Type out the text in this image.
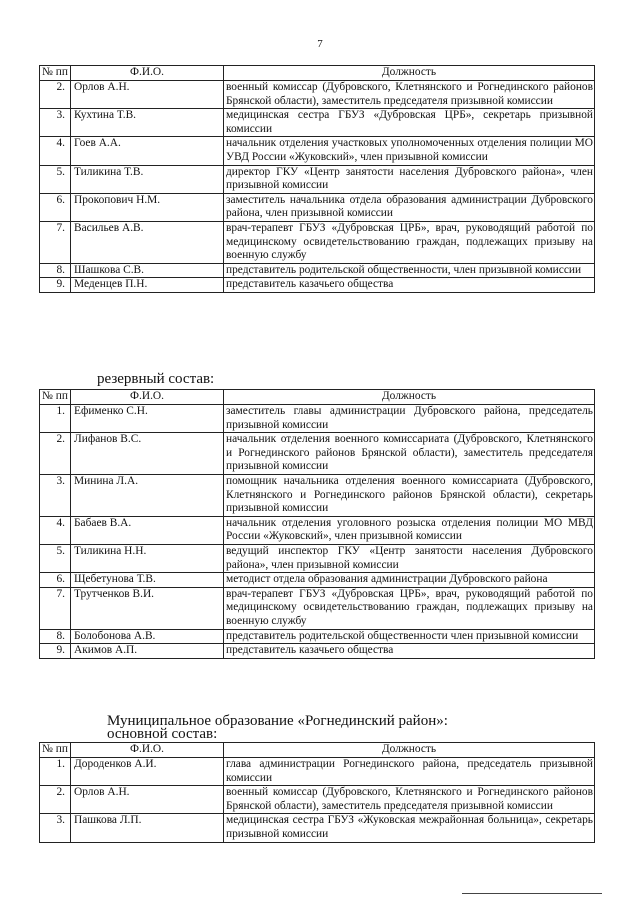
7
№ пп	Ф.И.О.	Должность
2.	Орлов А.Н.	военный комиссар (Дубровского, Клетнянского и Рогнединского районов Брянской области), заместитель председателя призывной комиссии
3.	Кухтина Т.В.	медицинская сестра ГБУЗ «Дубровская ЦРБ», секретарь призывной комиссии
4.	Гоев А.А.	начальник отделения участковых уполномоченных отделения полиции МО УВД России «Жуковский», член призывной комиссии
5.	Тиликина Т.В.	директор ГКУ «Центр занятости населения Дубровского района», член призывной комиссии
6.	Прокопович Н.М.	заместитель начальника отдела образования администрации Дубровского района, член призывной комиссии
7.	Васильев А.В.	врач-терапевт ГБУЗ «Дубровская ЦРБ», врач, руководящий работой по медицинскому освидетельствованию граждан, подлежащих призыву на военную службу
8.	Шашкова С.В.	представитель родительской общественности, член призывной комиссии
9.	Меденцев П.Н.	представитель казачьего общества
резервный состав:
№ пп	Ф.И.О.	Должность
1.	Ефименко С.Н.	заместитель главы администрации Дубровского района, председатель призывной комиссии
2.	Лифанов В.С.	начальник отделения военного комиссариата (Дубровского, Клетнянского и Рогнединского районов Брянской области), заместитель председателя призывной комиссии
3.	Минина Л.А.	помощник начальника отделения военного комиссариата (Дубровского, Клетнянского и Рогнединского районов Брянской области), секретарь призывной комиссии
4.	Бабаев В.А.	начальник отделения уголовного розыска отделения полиции МО МВД России «Жуковский», член призывной комиссии
5.	Тиликина Н.Н.	ведущий инспектор ГКУ «Центр занятости населения Дубровского района», член призывной комиссии
6.	Щебетунова Т.В.	методист отдела образования администрации Дубровского района
7.	Трутченков В.И.	врач-терапевт ГБУЗ «Дубровская ЦРБ», врач, руководящий работой по медицинскому освидетельствованию граждан, подлежащих призыву на военную службу
8.	Болобонова А.В.	представитель родительской общественности член призывной комиссии
9.	Акимов А.П.	представитель казачьего общества
Муниципальное образование «Рогнединский район»:
основной состав:
№ пп	Ф.И.О.	Должность
1.	Дороденков А.И.	глава администрации Рогнединского района, председатель призывной комиссии
2.	Орлов А.Н.	военный комиссар (Дубровского, Клетнянского и Рогнединского районов Брянской области), заместитель председателя призывной комиссии
3.	Пашкова Л.П.	медицинская сестра ГБУЗ «Жуковская межрайонная больница», секретарь призывной комиссии
